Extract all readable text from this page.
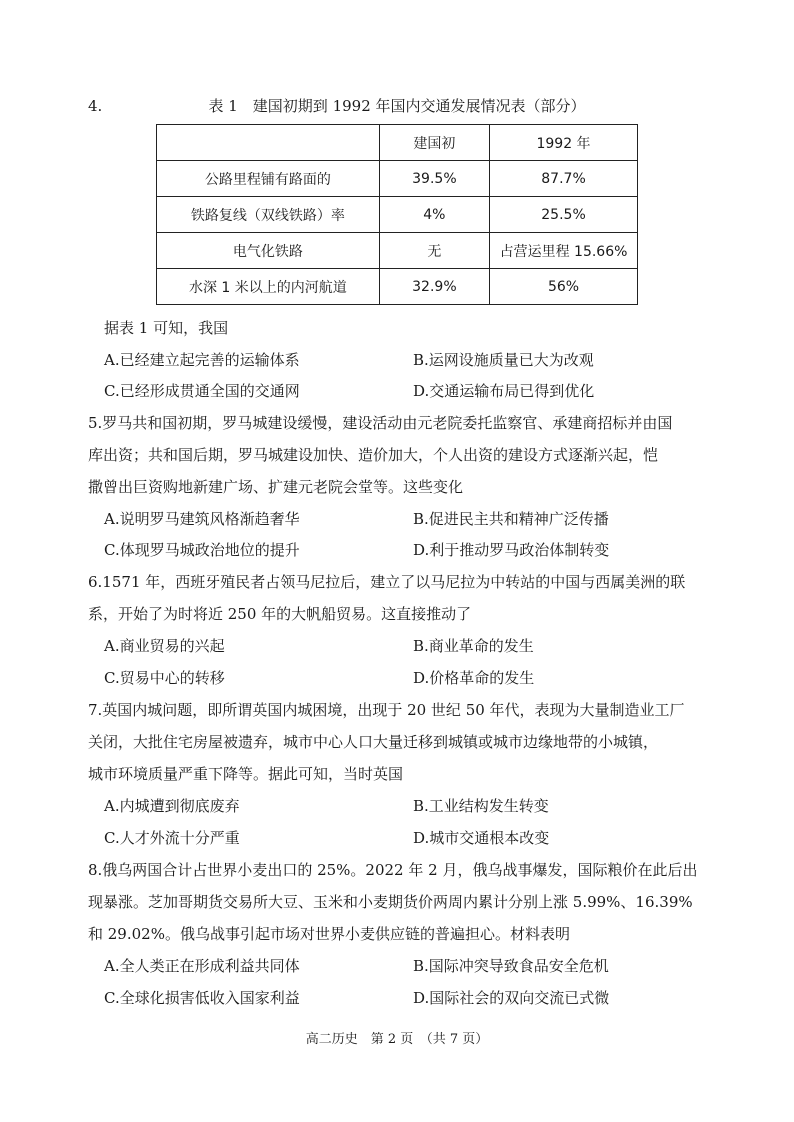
4.	表 1　建国初期到 1992 年国内交通发展情况表（部分）
	建国初	1992 年
公路里程铺有路面的	39.5%	87.7%
铁路复线（双线铁路）率	4%	25.5%
电气化铁路	无	占营运里程 15.66%
水深 1 米以上的内河航道	32.9%	56%
据表 1 可知，我国
A.已经建立起完善的运输体系	B.运网设施质量已大为改观
C.已经形成贯通全国的交通网	D.交通运输布局已得到优化
5.罗马共和国初期，罗马城建设缓慢，建设活动由元老院委托监察官、承建商招标并由国
库出资；共和国后期，罗马城建设加快、造价加大，个人出资的建设方式逐渐兴起，恺
撒曾出巨资购地新建广场、扩建元老院会堂等。这些变化
A.说明罗马建筑风格渐趋奢华	B.促进民主共和精神广泛传播
C.体现罗马城政治地位的提升	D.利于推动罗马政治体制转变
6.1571 年，西班牙殖民者占领马尼拉后，建立了以马尼拉为中转站的中国与西属美洲的联
系，开始了为时将近 250 年的大帆船贸易。这直接推动了
A.商业贸易的兴起	B.商业革命的发生
C.贸易中心的转移	D.价格革命的发生
7.英国内城问题，即所谓英国内城困境，出现于 20 世纪 50 年代，表现为大量制造业工厂
关闭，大批住宅房屋被遗弃，城市中心人口大量迁移到城镇或城市边缘地带的小城镇，
城市环境质量严重下降等。据此可知，当时英国
A.内城遭到彻底废弃	B.工业结构发生转变
C.人才外流十分严重	D.城市交通根本改变
8.俄乌两国合计占世界小麦出口的 25%。2022 年 2 月，俄乌战事爆发，国际粮价在此后出
现暴涨。芝加哥期货交易所大豆、玉米和小麦期货价两周内累计分别上涨 5.99%、16.39%
和 29.02%。俄乌战事引起市场对世界小麦供应链的普遍担心。材料表明
A.全人类正在形成利益共同体	B.国际冲突导致食品安全危机
C.全球化损害低收入国家利益	D.国际社会的双向交流已式微
高二历史　第 2 页　（共 7 页）
